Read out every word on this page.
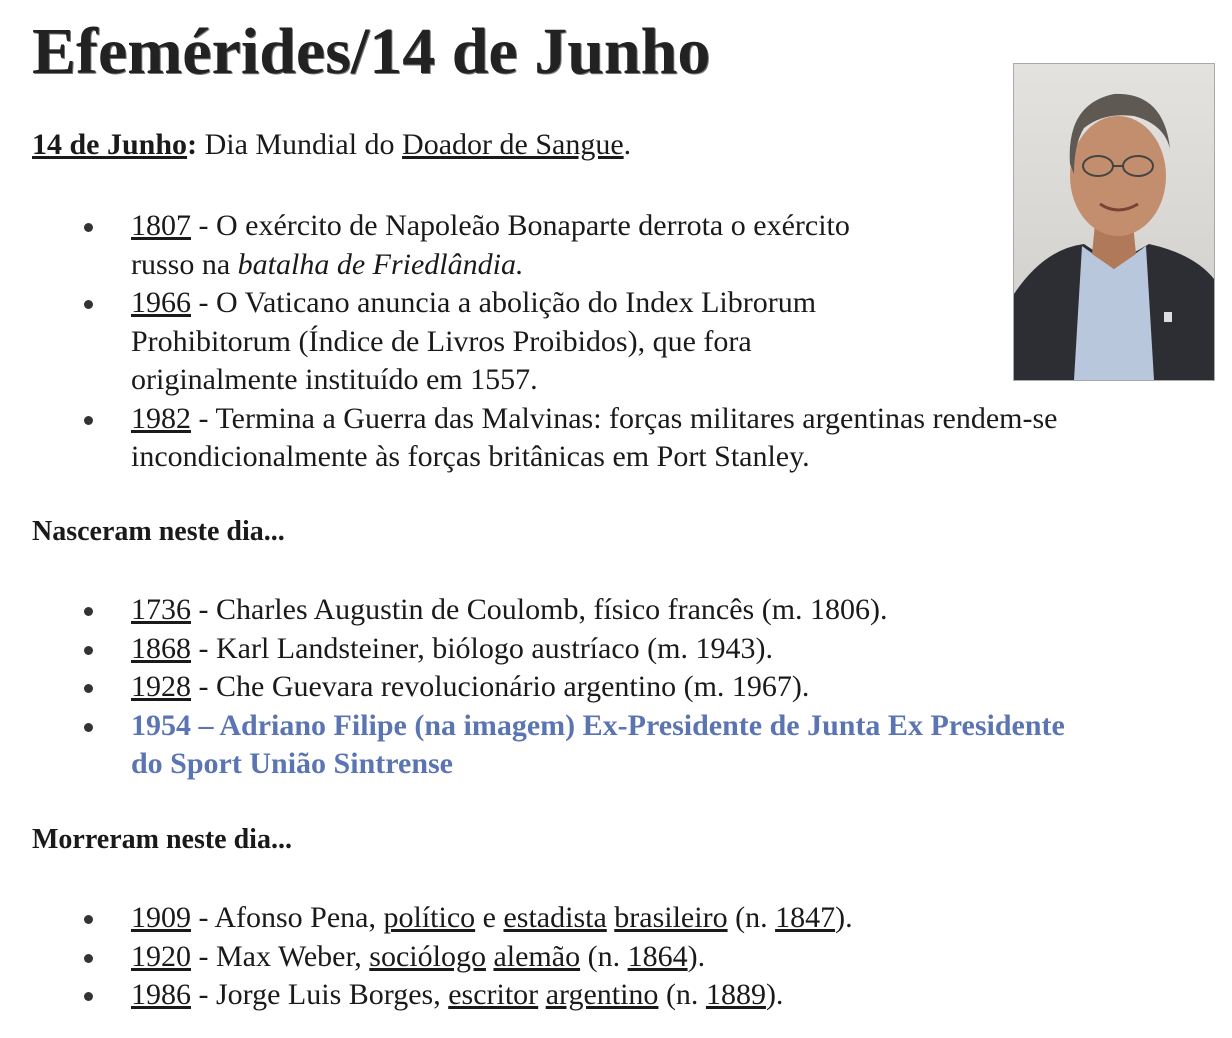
Efemérides/14 de Junho

14 de Junho: Dia Mundial do Doador de Sangue.

1807 - O exército de Napoleão Bonaparte derrota o exército
russo na batalha de Friedlândia.
1966 - O Vaticano anuncia a abolição do Index Librorum
Prohibitorum (Índice de Livros Proibidos), que fora
originalmente instituído em 1557.
1982 - Termina a Guerra das Malvinas: forças militares argentinas rendem-se
incondicionalmente às forças britânicas em Port Stanley.
Nasceram neste dia...
1736 - Charles Augustin de Coulomb, físico francês (m. 1806).
1868 - Karl Landsteiner, biólogo austríaco (m. 1943).
1928 - Che Guevara revolucionário argentino (m. 1967).
1954 – Adriano Filipe (na imagem) Ex-Presidente de Junta Ex Presidente
do Sport União Sintrense
Morreram neste dia...
1909 - Afonso Pena, político e estadista brasileiro (n. 1847).
1920 - Max Weber, sociólogo alemão (n. 1864).
1986 - Jorge Luis Borges, escritor argentino (n. 1889).
